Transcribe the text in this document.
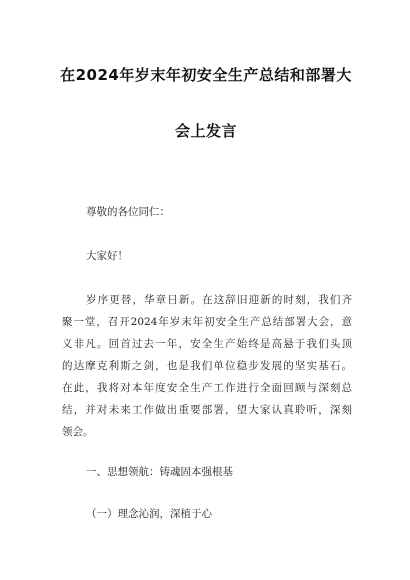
在2024年岁末年初安全生产总结和部署大
会上发言
尊敬的各位同仁：
大家好！
岁序更替，华章日新。在这辞旧迎新的时刻，我们齐
聚一堂，召开2024年岁末年初安全生产总结部署大会，意
义非凡。回首过去一年，安全生产始终是高悬于我们头顶
的达摩克利斯之剑，也是我们单位稳步发展的坚实基石。
在此，我将对本年度安全生产工作进行全面回顾与深刻总
结，并对未来工作做出重要部署，望大家认真聆听，深刻
领会。
一、思想领航：铸魂固本强根基
（一）理念沁润，深植于心
